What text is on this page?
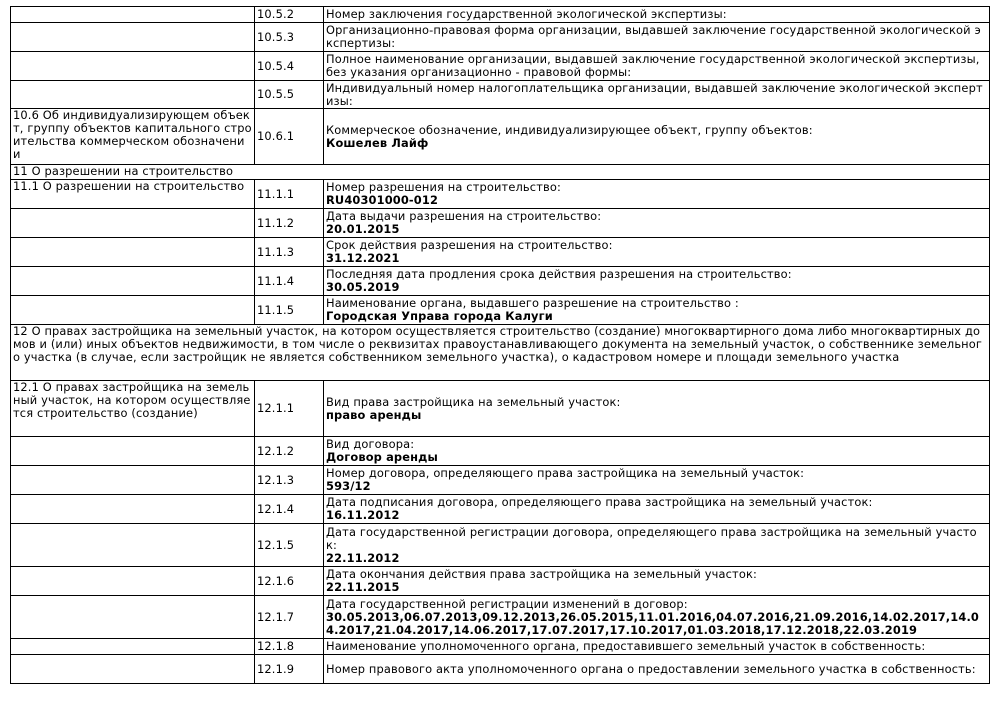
	10.5.2	Номер заключения государственной экологической экспертизы:

	10.5.3	Организационно-правовая форма организации, выдавшей заключение государственной экологической экспертизы:

	10.5.4	Полное наименование организации, выдавшей заключение государственной экологической экспертизы, без указания организационно - правовой формы:

	10.5.5	Индивидуальный номер налогоплательщика организации, выдавшей заключение экологической экспертизы:

10.6 Об индивидуализирующем объект, группу объектов капитального строительства коммерческом обозначении	10.6.1	Коммерческое обозначение, индивидуализирующее объект, группу объектов:
Кошелев Лайф

11 О разрешении на строительство		
11.1 О разрешении на строительство	11.1.1	Номер разрешения на строительство:
RU40301000-012

	11.1.2	Дата выдачи разрешения на строительство:
20.01.2015

	11.1.3	Срок действия разрешения на строительство:
31.12.2021

	11.1.4	Последняя дата продления срока действия разрешения на строительство:
30.05.2019

	11.1.5	Наименование органа, выдавшего разрешение на строительство :
Городская Управа города Калуги

12 О правах застройщика на земельный участок, на котором осуществляется строительство (создание) многоквартирного дома либо многоквартирных домов и (или) иных объектов недвижимости, в том числе о реквизитах правоустанавливающего документа на земельный участок, о собственнике земельного участка (в случае, если застройщик не является собственником земельного участка), о кадастровом номере и площади земельного участка		
12.1 О правах застройщика на земельный участок, на котором осуществляется строительство (создание)	12.1.1	Вид права застройщика на земельный участок:
право аренды

	12.1.2	Вид договора:
Договор аренды

	12.1.3	Номер договора, определяющего права застройщика на земельный участок:
593/12

	12.1.4	Дата подписания договора, определяющего права застройщика на земельный участок:
16.11.2012

	12.1.5	Дата государственной регистрации договора, определяющего права застройщика на земельный участок:
22.11.2012

	12.1.6	Дата окончания действия права застройщика на земельный участок:
22.11.2015

	12.1.7	Дата государственной регистрации изменений в договор:
30.05.2013,06.07.2013,09.12.2013,26.05.2015,11.01.2016,04.07.2016,21.09.2016,14.02.2017,14.04.2017,21.04.2017,14.06.2017,17.07.2017,17.10.2017,01.03.2018,17.12.2018,22.03.2019

	12.1.8	Наименование уполномоченного органа, предоставившего земельный участок в собственность:

	12.1.9	Номер правового акта уполномоченного органа о предоставлении земельного участка в собственность:
